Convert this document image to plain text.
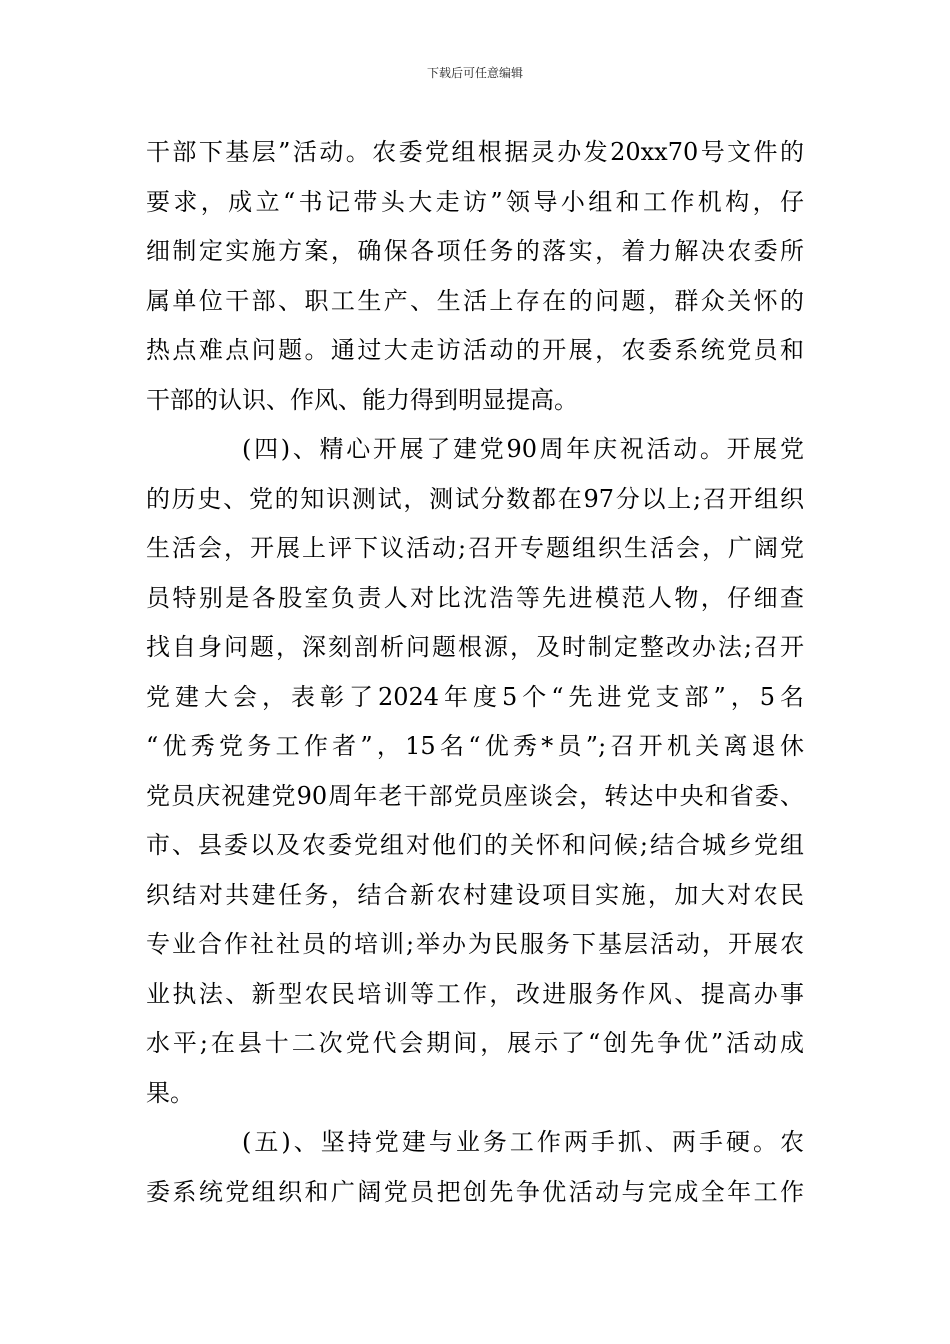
下载后可任意编辑
干部下基层”活动。农委党组根据灵办发20xx70号文件的
要求，成立“书记带头大走访”领导小组和工作机构，仔
细制定实施方案，确保各项任务的落实，着力解决农委所
属单位干部、职工生产、生活上存在的问题，群众关怀的
热点难点问题。通过大走访活动的开展，农委系统党员和
干部的认识、作风、能力得到明显提高。
(四)、精心开展了建党90周年庆祝活动。开展党
的历史、党的知识测试，测试分数都在97分以上;召开组织
生活会，开展上评下议活动;召开专题组织生活会，广阔党
员特别是各股室负责人对比沈浩等先进模范人物，仔细查
找自身问题，深刻剖析问题根源，及时制定整改办法;召开
党建大会，表彰了2024年度5个“先进党支部”，5名
“优秀党务工作者”，15名“优秀*员”;召开机关离退休
党员庆祝建党90周年老干部党员座谈会，转达中央和省委、
市、县委以及农委党组对他们的关怀和问候;结合城乡党组
织结对共建任务，结合新农村建设项目实施，加大对农民
专业合作社社员的培训;举办为民服务下基层活动，开展农
业执法、新型农民培训等工作，改进服务作风、提高办事
水平;在县十二次党代会期间，展示了“创先争优”活动成
果。
(五)、坚持党建与业务工作两手抓、两手硬。农
委系统党组织和广阔党员把创先争优活动与完成全年工作
